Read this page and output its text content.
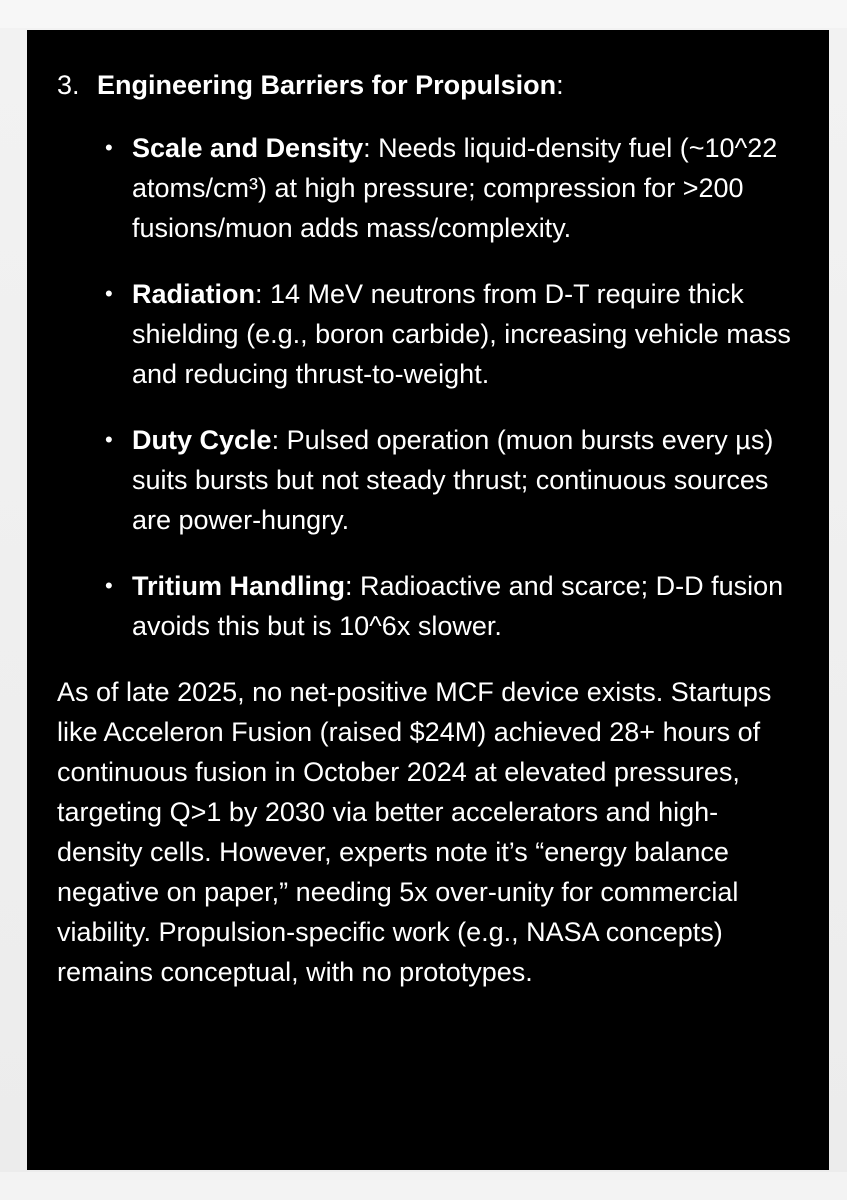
3. Engineering Barriers for Propulsion:
• Scale and Density: Needs liquid-density fuel (~10^22 atoms/cm³) at high pressure; compression for >200 fusions/muon adds mass/complexity.
• Radiation: 14 MeV neutrons from D-T require thick shielding (e.g., boron carbide), increasing vehicle mass and reducing thrust-to-weight.
• Duty Cycle: Pulsed operation (muon bursts every µs) suits bursts but not steady thrust; continuous sources are power-hungry.
• Tritium Handling: Radioactive and scarce; D-D fusion avoids this but is 10^6x slower.

As of late 2025, no net-positive MCF device exists. Startups like Acceleron Fusion (raised $24M) achieved 28+ hours of continuous fusion in October 2024 at elevated pressures, targeting Q>1 by 2030 via better accelerators and high-density cells. However, experts note it’s “energy balance negative on paper,” needing 5x over-unity for commercial viability. Propulsion-specific work (e.g., NASA concepts) remains conceptual, with no prototypes.
